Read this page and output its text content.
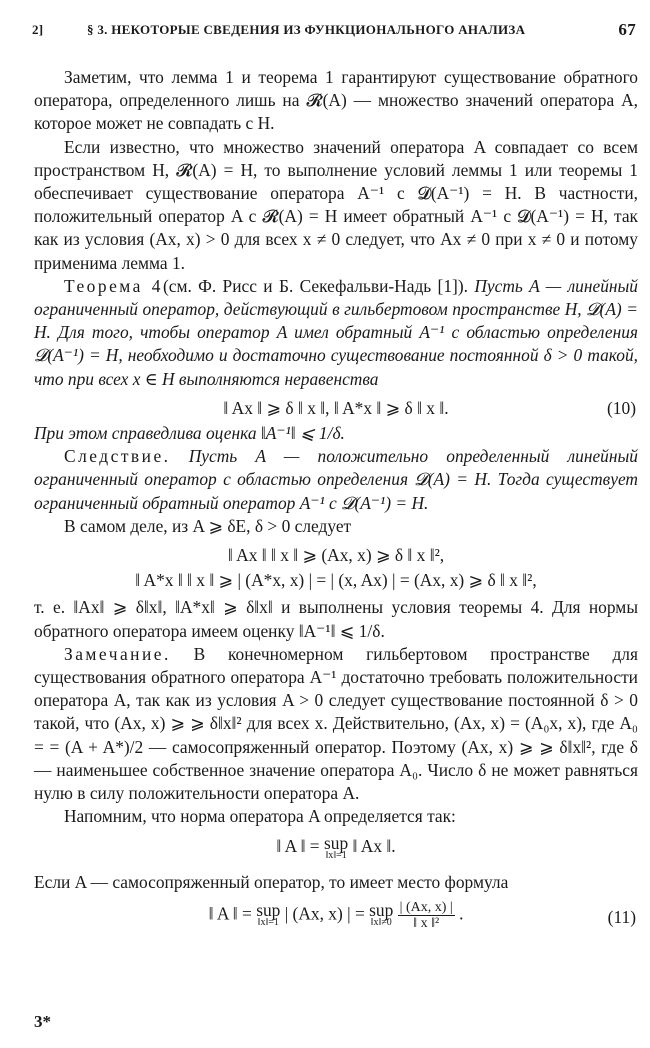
2]	§ 3. НЕКОТОРЫЕ СВЕДЕНИЯ ИЗ ФУНКЦИОНАЛЬНОГО АНАЛИЗА	67

Заметим, что лемма 1 и теорема 1 гарантируют существование обратного оператора, определенного лишь на 𝓡(A) — множество значений оператора A, которое может не совпадать с H.

Если известно, что множество значений оператора A совпадает со всем пространством H, 𝓡(A) = H, то выполнение условий леммы 1 или теоремы 1 обеспечивает существование оператора A⁻¹ с 𝓓(A⁻¹) = H. В частности, положительный оператор A с 𝓡(A) = H имеет обратный A⁻¹ с 𝓓(A⁻¹) = H, так как из условия (Ax, x) > 0 для всех x ≠ 0 следует, что Ax ≠ 0 при x ≠ 0 и потому применима лемма 1.

Теорема 4(см. Ф. Рисс и Б. Секефальви-Надь [1]). Пусть A — линейный ограниченный оператор, действующий в гильбертовом пространстве H, 𝓓(A) = H. Для того, чтобы оператор A имел обратный A⁻¹ с областью определения 𝓓(A⁻¹) = H, необходимо и достаточно существование постоянной δ > 0 такой, что при всех x ∈ H выполняются неравенства

‖ Ax ‖ ⩾ δ ‖ x ‖, ‖ A*x ‖ ⩾ δ ‖ x ‖.	(10)

При этом справедлива оценка ‖A⁻¹‖ ⩽ 1/δ.

Следствие. Пусть A — положительно определенный линейный ограниченный оператор с областью определения 𝓓(A) = H. Тогда существует ограниченный обратный оператор A⁻¹ с 𝓓(A⁻¹) = H.

В самом деле, из A ⩾ δE, δ > 0 следует

‖ Ax ‖ ‖ x ‖ ⩾ (Ax, x) ⩾ δ ‖ x ‖²,
‖ A*x ‖ ‖ x ‖ ⩾ | (A*x, x) | = | (x, Ax) | = (Ax, x) ⩾ δ ‖ x ‖²,

т. е. ‖Ax‖ ⩾ δ‖x‖, ‖A*x‖ ⩾ δ‖x‖ и выполнены условия теоремы 4. Для нормы обратного оператора имеем оценку ‖A⁻¹‖ ⩽ 1/δ.

Замечание. В конечномерном гильбертовом пространстве для существования обратного оператора A⁻¹ достаточно требовать положительности оператора A, так как из условия A > 0 следует существование постоянной δ > 0 такой, что (Ax, x) ⩾ ⩾ δ‖x‖² для всех x. Действительно, (Ax, x) = (A₀x, x), где A₀ = = (A + A*)/2 — самосопряженный оператор. Поэтому (Ax, x) ⩾ ⩾ δ‖x‖², где δ — наименьшее собственное значение оператора A₀. Число δ не может равняться нулю в силу положительности оператора A.

Напомним, что норма оператора A определяется так:

‖ A ‖ = sup
‖x‖=1 ‖ Ax ‖.

Если A — самосопряженный оператор, то имеет место формула

‖ A ‖ = sup
‖x‖=1 | (Ax, x) | = sup
‖x‖≠0
$\frac{| (Ax, x) |}{\text{‖ x ‖²}}$ .	(11)
3*
